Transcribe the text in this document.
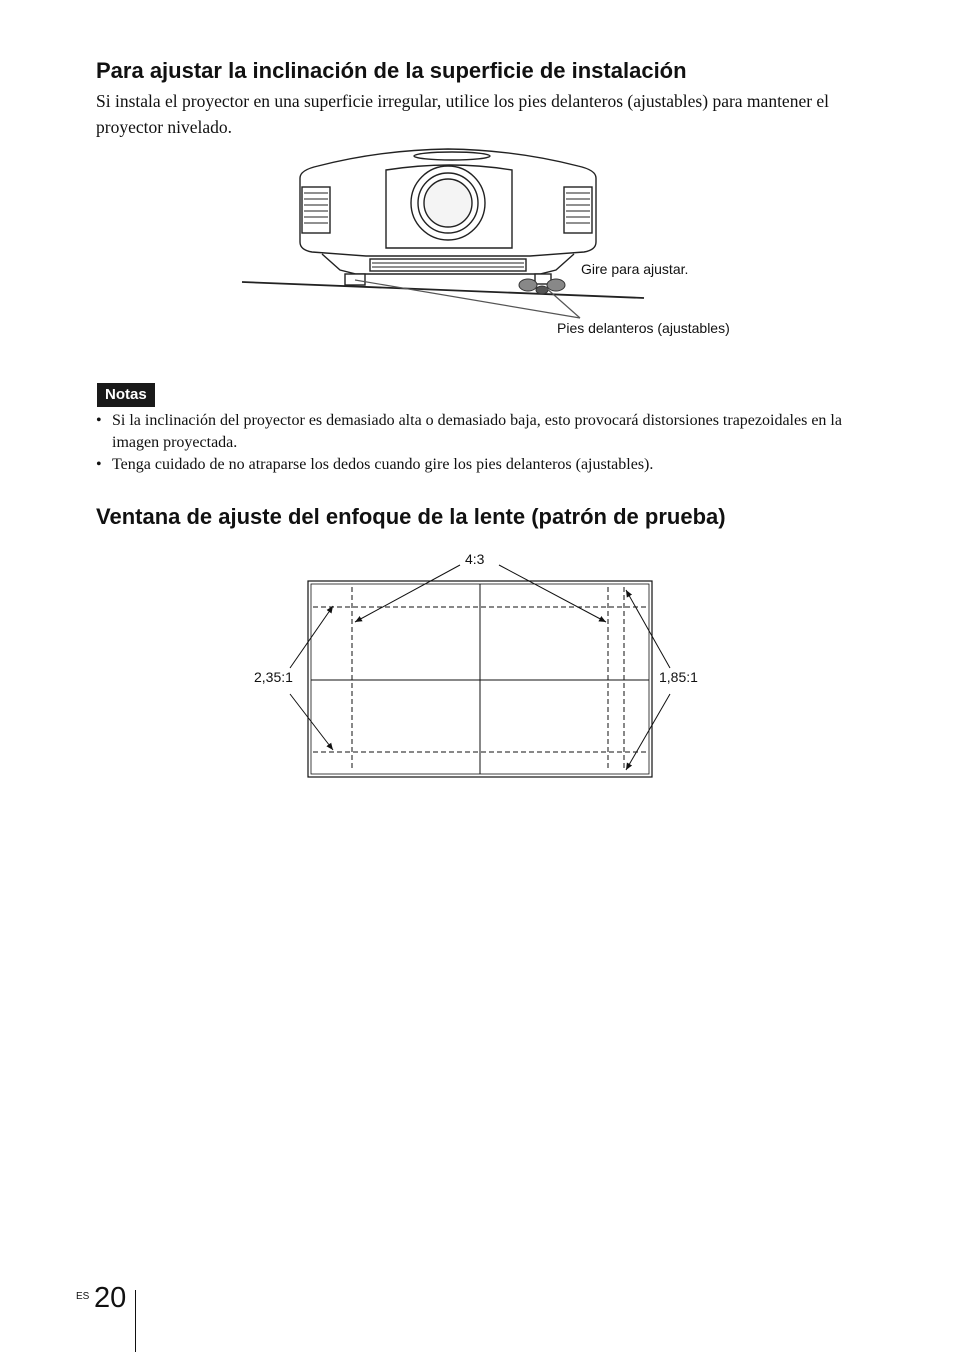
Para ajustar la inclinación de la superficie de instalación

Si instala el proyector en una superficie irregular, utilice los pies delanteros (ajustables) para mantener el proyector nivelado.

Gire para ajustar.
Pies delanteros (ajustables)
Notas
• Si la inclinación del proyector es demasiado alta o demasiado baja, esto provocará distorsiones trapezoidales en la imagen proyectada.
• Tenga cuidado de no atraparse los dedos cuando gire los pies delanteros (ajustables).
Ventana de ajuste del enfoque de la lente (patrón de prueba)
4:3
2,35:1	1,85:1
ES 20
